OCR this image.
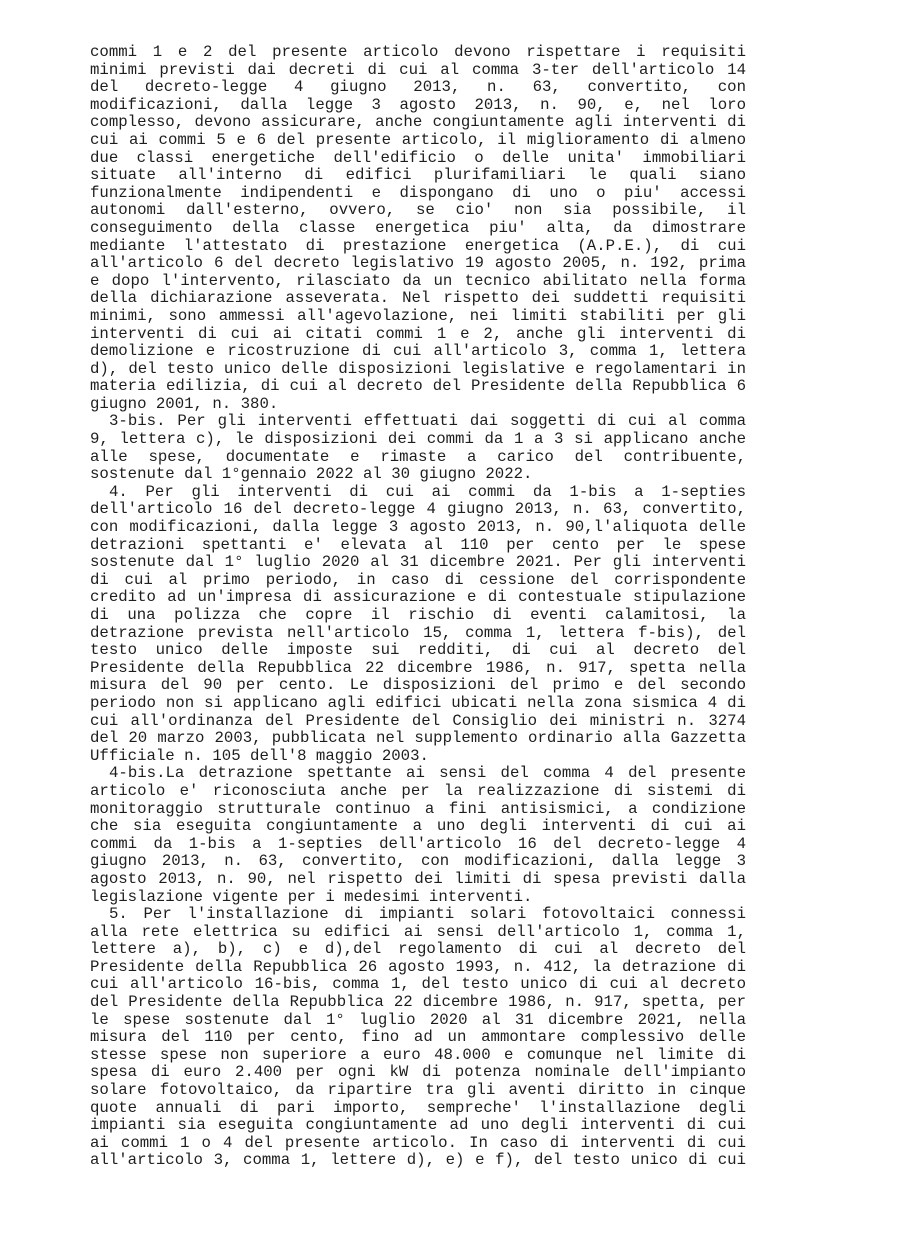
commi 1 e 2 del presente articolo devono rispettare i requisiti
minimi previsti dai decreti di cui al comma 3-ter dell'articolo 14
del decreto-legge 4 giugno 2013, n. 63, convertito, con
modificazioni, dalla legge 3 agosto 2013, n. 90, e, nel loro
complesso, devono assicurare, anche congiuntamente agli interventi di
cui ai commi 5 e 6 del presente articolo, il miglioramento di almeno
due classi energetiche dell'edificio o delle unita' immobiliari
situate all'interno di edifici plurifamiliari le quali siano
funzionalmente indipendenti e dispongano di uno o piu' accessi
autonomi dall'esterno, ovvero, se cio' non sia possibile, il
conseguimento della classe energetica piu' alta, da dimostrare
mediante l'attestato di prestazione energetica (A.P.E.), di cui
all'articolo 6 del decreto legislativo 19 agosto 2005, n. 192, prima
e dopo l'intervento, rilasciato da un tecnico abilitato nella forma
della dichiarazione asseverata. Nel rispetto dei suddetti requisiti
minimi, sono ammessi all'agevolazione, nei limiti stabiliti per gli
interventi di cui ai citati commi 1 e 2, anche gli interventi di
demolizione e ricostruzione di cui all'articolo 3, comma 1, lettera
d), del testo unico delle disposizioni legislative e regolamentari in
materia edilizia, di cui al decreto del Presidente della Repubblica 6
giugno 2001, n. 380.
3-bis. Per gli interventi effettuati dai soggetti di cui al comma
9, lettera c), le disposizioni dei commi da 1 a 3 si applicano anche
alle spese, documentate e rimaste a carico del contribuente,
sostenute dal 1°gennaio 2022 al 30 giugno 2022.
4. Per gli interventi di cui ai commi da 1-bis a 1-septies
dell'articolo 16 del decreto-legge 4 giugno 2013, n. 63, convertito,
con modificazioni, dalla legge 3 agosto 2013, n. 90,l'aliquota delle
detrazioni spettanti e' elevata al 110 per cento per le spese
sostenute dal 1° luglio 2020 al 31 dicembre 2021. Per gli interventi
di cui al primo periodo, in caso di cessione del corrispondente
credito ad un'impresa di assicurazione e di contestuale stipulazione
di una polizza che copre il rischio di eventi calamitosi, la
detrazione prevista nell'articolo 15, comma 1, lettera f-bis), del
testo unico delle imposte sui redditi, di cui al decreto del
Presidente della Repubblica 22 dicembre 1986, n. 917, spetta nella
misura del 90 per cento. Le disposizioni del primo e del secondo
periodo non si applicano agli edifici ubicati nella zona sismica 4 di
cui all'ordinanza del Presidente del Consiglio dei ministri n. 3274
del 20 marzo 2003, pubblicata nel supplemento ordinario alla Gazzetta
Ufficiale n. 105 dell'8 maggio 2003.
4-bis.La detrazione spettante ai sensi del comma 4 del presente
articolo e' riconosciuta anche per la realizzazione di sistemi di
monitoraggio strutturale continuo a fini antisismici, a condizione
che sia eseguita congiuntamente a uno degli interventi di cui ai
commi da 1-bis a 1-septies dell'articolo 16 del decreto-legge 4
giugno 2013, n. 63, convertito, con modificazioni, dalla legge 3
agosto 2013, n. 90, nel rispetto dei limiti di spesa previsti dalla
legislazione vigente per i medesimi interventi.
5. Per l'installazione di impianti solari fotovoltaici connessi
alla rete elettrica su edifici ai sensi dell'articolo 1, comma 1,
lettere a), b), c) e d),del regolamento di cui al decreto del
Presidente della Repubblica 26 agosto 1993, n. 412, la detrazione di
cui all'articolo 16-bis, comma 1, del testo unico di cui al decreto
del Presidente della Repubblica 22 dicembre 1986, n. 917, spetta, per
le spese sostenute dal 1° luglio 2020 al 31 dicembre 2021, nella
misura del 110 per cento, fino ad un ammontare complessivo delle
stesse spese non superiore a euro 48.000 e comunque nel limite di
spesa di euro 2.400 per ogni kW di potenza nominale dell'impianto
solare fotovoltaico, da ripartire tra gli aventi diritto in cinque
quote annuali di pari importo, sempreche' l'installazione degli
impianti sia eseguita congiuntamente ad uno degli interventi di cui
ai commi 1 o 4 del presente articolo. In caso di interventi di cui
all'articolo 3, comma 1, lettere d), e) e f), del testo unico di cui
